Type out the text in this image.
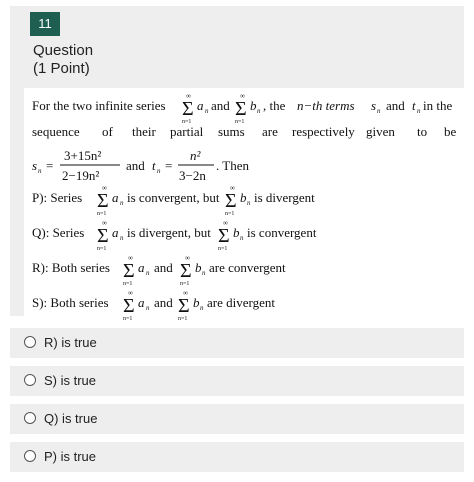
11
Question
(1 Point)
For the two infinite series
∞
Σ
n=1
a n and
∞
Σ
n=1
b n , the n−th terms s n and t n in the
sequence of their partial sums are respectively given to be
s n =
3+15n²
2−19n²
and t n =
n²
3−2n
. Then
P): Series
∞
Σ
n=1
a n is convergent, but
∞
Σ
n=1
b n is divergent
Q): Series
∞
Σ
n=1
a n is divergent, but
∞
Σ
n=1
b n is convergent
R): Both series
∞
Σ
n=1
a n and
∞
Σ
n=1
b n are convergent
S): Both series
∞
Σ
n=1
a n and
∞
Σ
n=1
b n are divergent
R) is true
S) is true
Q) is true
P) is true
